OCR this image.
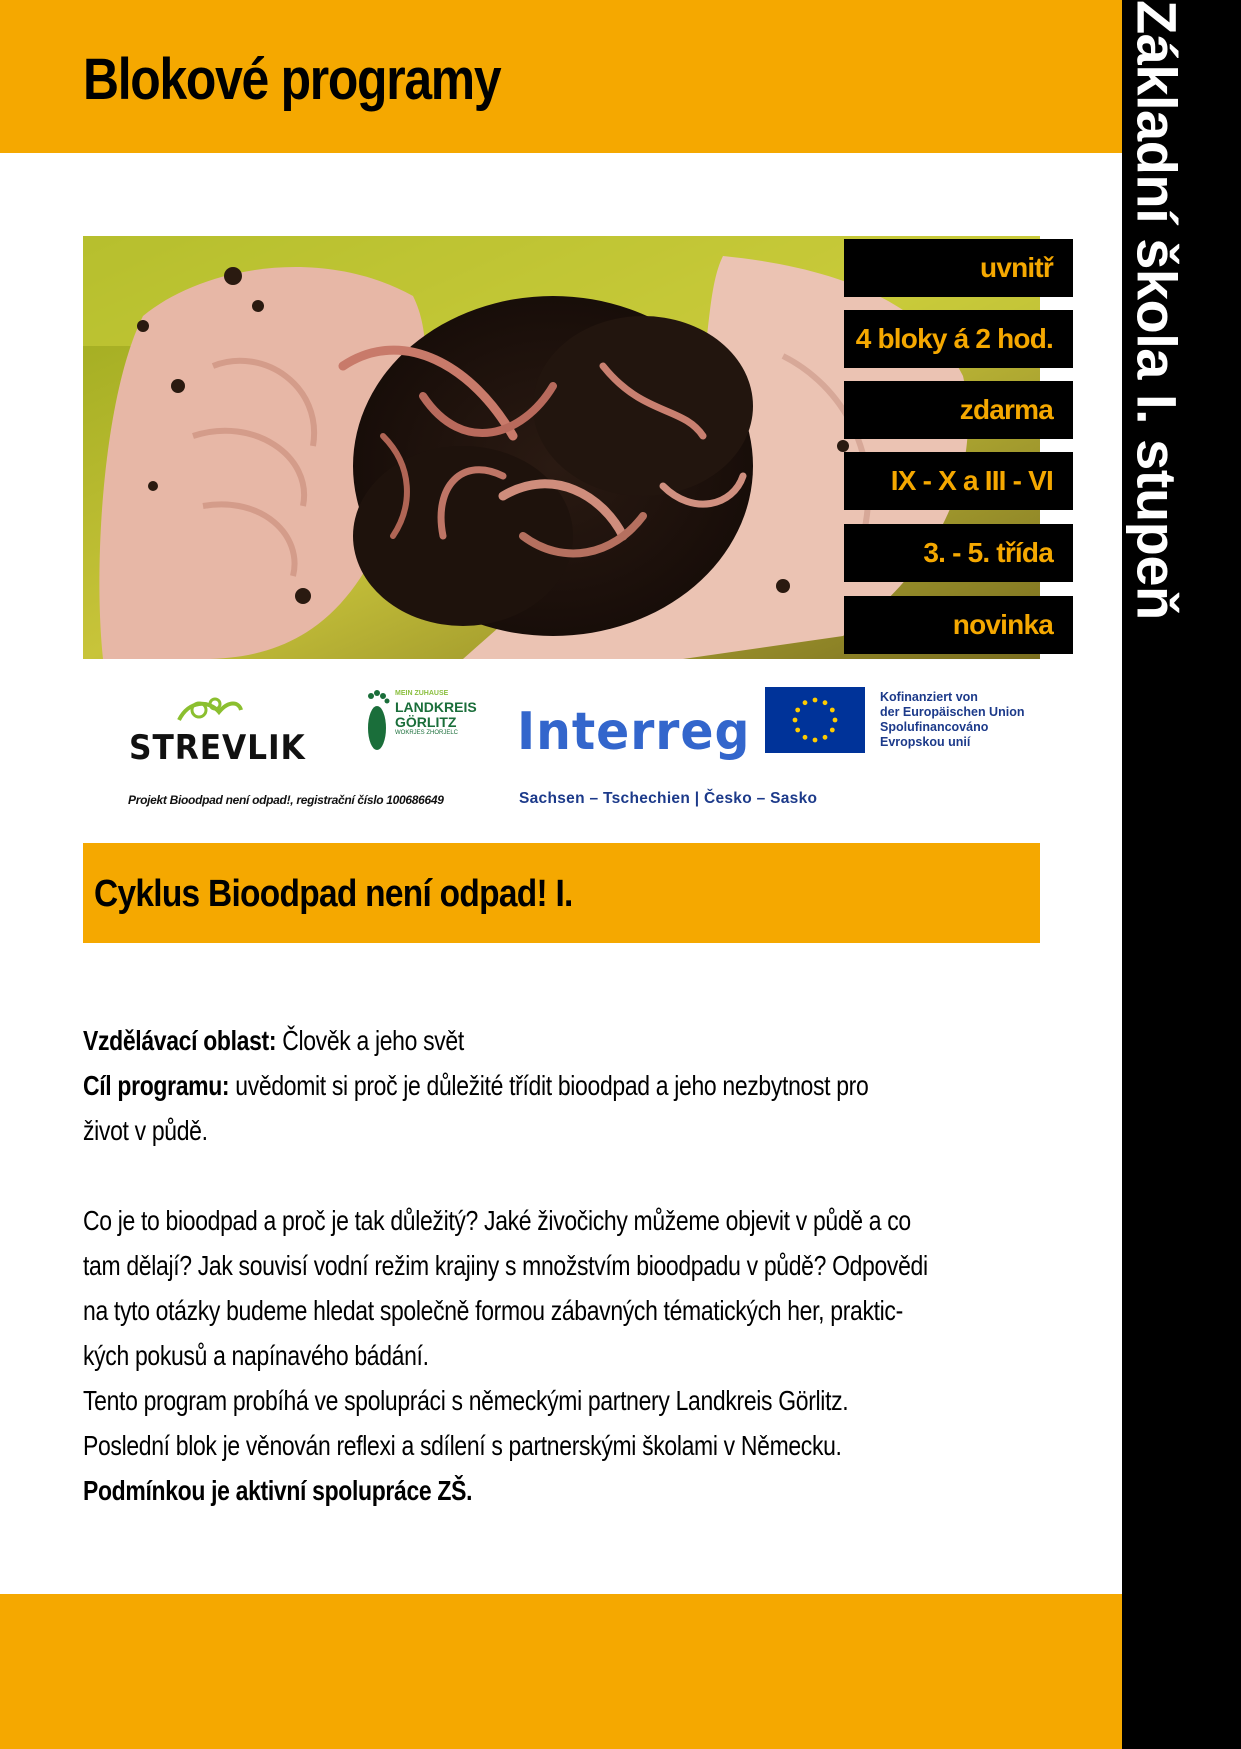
Blokové programy	Základní škola I. stupeň
uvnitř
4 bloky á 2 hod.
zdarma
IX - X a III - VI
3. - 5. třída
novinka
STREVLIK
MEIN ZUHAUSE
LANDKREIS
GÖRLITZ
WOKRJES ZHORJELC Interreg
Kofinanziert von
der Europäischen Union
Spolufinancováno
Evropskou unií
Projekt Bioodpad není odpad!, registrační číslo 100686649	Sachsen – Tschechien | Česko – Sasko
Cyklus Bioodpad není odpad! I.

Vzdělávací oblast: Člověk a jeho svět

Cíl programu: uvědomit si proč je důležité třídit bioodpad a jeho nezbytnost pro

život v půdě.

Co je to bioodpad a proč je tak důležitý? Jaké živočichy můžeme objevit v půdě a co

tam dělají? Jak souvisí vodní režim krajiny s množstvím bioodpadu v půdě? Odpovědi

na tyto otázky budeme hledat společně formou zábavných tématických her, praktic-

kých pokusů a napínavého bádání.

Tento program probíhá ve spolupráci s německými partnery Landkreis Görlitz.

Poslední blok je věnován reflexi a sdílení s partnerskými školami v Německu.

Podmínkou je aktivní spolupráce ZŠ.
